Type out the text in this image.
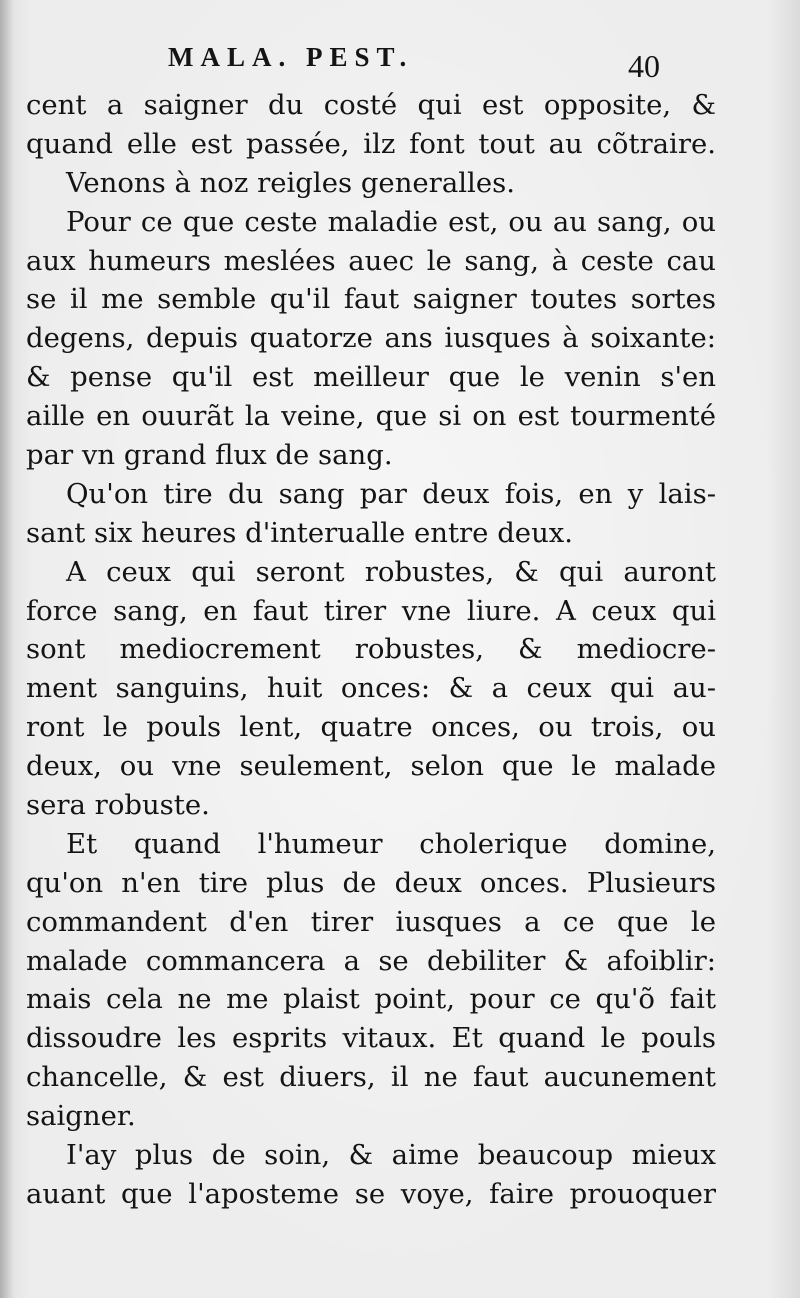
MALA. PEST.	40
cent a saigner du costé qui est opposite, &
quand elle est passée, ilz font tout au cõtraire.
Venons à noz reigles generalles.
Pour ce que ceste maladie est, ou au sang, ou
aux humeurs meslées auec le sang, à ceste cau
se il me semble qu'il faut saigner toutes sortes
degens, depuis quatorze ans iusques à soixante:
& pense qu'il est meilleur que le venin s'en
aille en ouurãt la veine, que si on est tourmenté
par vn grand flux de sang.
Qu'on tire du sang par deux fois, en y lais-
sant six heures d'interualle entre deux.
A ceux qui seront robustes, & qui auront
force sang, en faut tirer vne liure. A ceux qui
sont mediocrement robustes, & mediocre-
ment sanguins, huit onces: & a ceux qui au-
ront le pouls lent, quatre onces, ou trois, ou
deux, ou vne seulement, selon que le malade
sera robuste.
Et quand l'humeur cholerique domine,
qu'on n'en tire plus de deux onces. Plusieurs
commandent d'en tirer iusques a ce que le
malade commancera a se debiliter & afoiblir:
mais cela ne me plaist point, pour ce qu'õ fait
dissoudre les esprits vitaux. Et quand le pouls
chancelle, & est diuers, il ne faut aucunement
saigner.
I'ay plus de soin, & aime beaucoup mieux
auant que l'aposteme se voye, faire prouoquer
